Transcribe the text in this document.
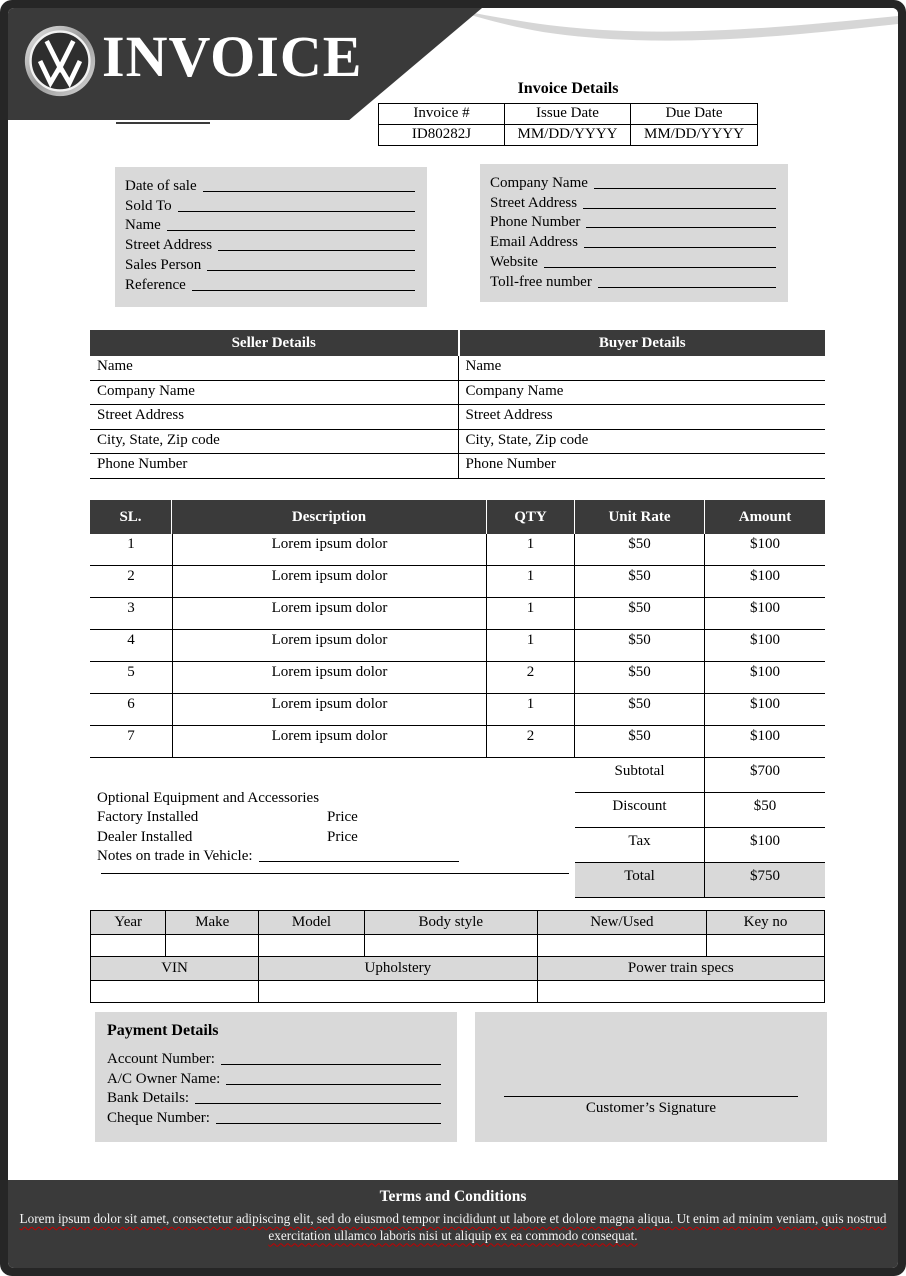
INVOICE	Invoice Details
Invoice #	Issue Date	Due Date
ID80282J	MM/DD/YYYY	MM/DD/YYYY
Date of sale
Sold To
Name
Street Address
Sales Person
Reference
Company Name
Street Address
Phone Number
Email Address
Website
Toll-free number
Seller Details	Buyer Details
Name	Name
Company Name	Company Name
Street Address	Street Address
City, State, Zip code	City, State, Zip code
Phone Number	Phone Number
SL.	Description	QTY	Unit Rate	Amount
1	Lorem ipsum dolor	1	$50	$100
2	Lorem ipsum dolor	1	$50	$100
3	Lorem ipsum dolor	1	$50	$100
4	Lorem ipsum dolor	1	$50	$100
5	Lorem ipsum dolor	2	$50	$100
6	Lorem ipsum dolor	1	$50	$100
7	Lorem ipsum dolor	2	$50	$100
Subtotal	$700
Discount	$50
Tax	$100
Total	$750
Optional Equipment and Accessories
Factory Installed	Price
Dealer Installed	Price
Notes on trade in Vehicle:
Year	Make	Model	Body style	New/Used	Key no

VIN		Upholstery		Power train specs	

Payment Details
Account Number:
A/C Owner Name:
Bank Details:
Cheque Number:
Customer’s Signature
Terms and Conditions
Lorem ipsum dolor sit amet, consectetur adipiscing elit, sed do eiusmod tempor incididunt ut labore et dolore magna aliqua. Ut enim ad minim veniam, quis nostrud exercitation ullamco laboris nisi ut aliquip ex ea commodo consequat.
